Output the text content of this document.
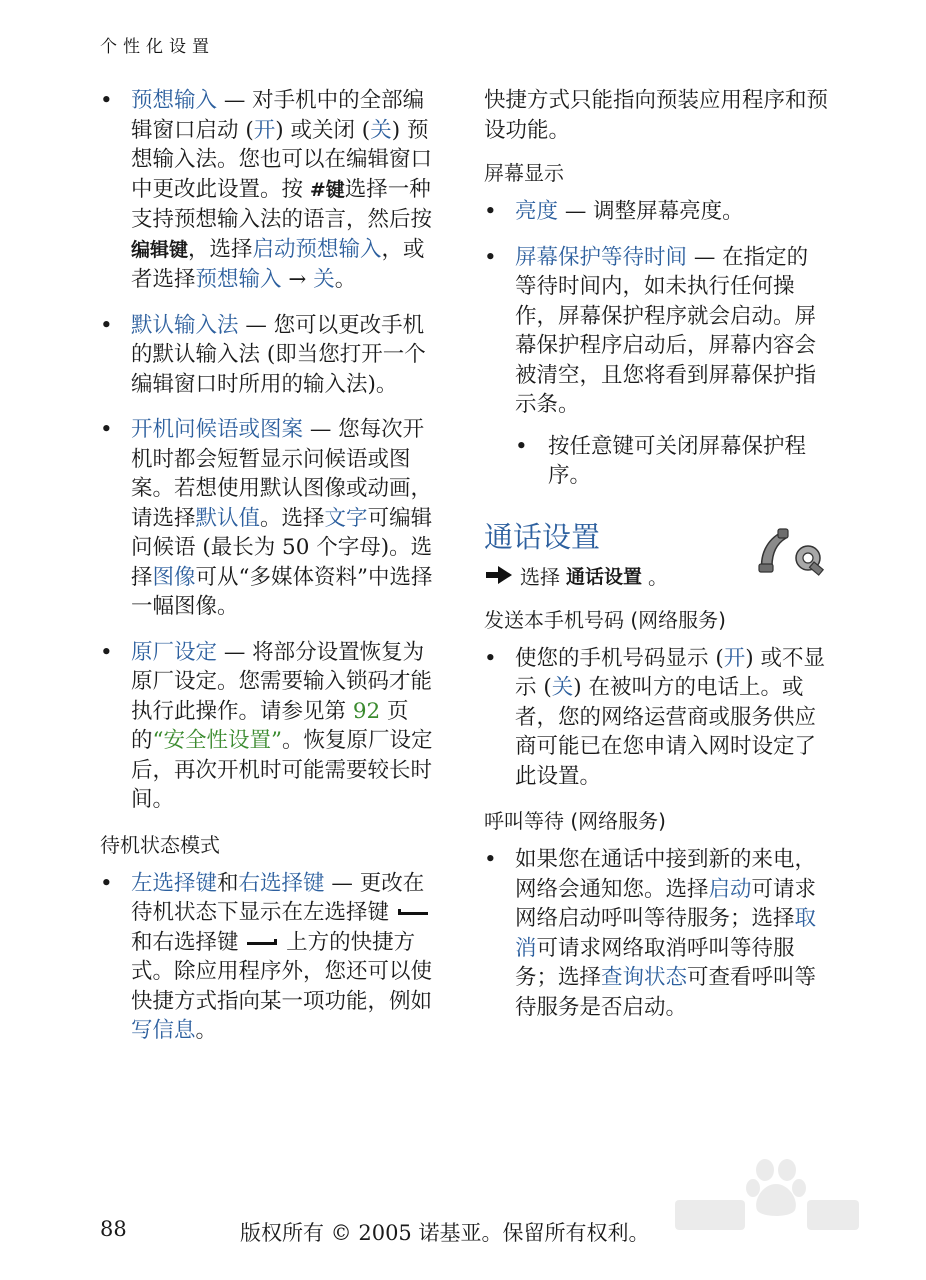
个性化设置
• 预想输入 — 对手机中的全部编辑窗口启动 (开) 或关闭 (关) 预想输入法。您也可以在编辑窗口中更改此设置。按 #键选择一种支持预想输入法的语言，然后按编辑键，选择启动预想输入，或者选择预想输入 → 关。
• 默认输入法 — 您可以更改手机的默认输入法 (即当您打开一个编辑窗口时所用的输入法)。
• 开机问候语或图案 — 您每次开机时都会短暂显示问候语或图案。若想使用默认图像或动画，请选择默认值。选择文字可编辑问候语 (最长为 50 个字母)。选择图像可从“多媒体资料”中选择一幅图像。
• 原厂设定 — 将部分设置恢复为原厂设定。您需要输入锁码才能执行此操作。请参见第 92 页的“安全性设置”。恢复原厂设定后，再次开机时可能需要较长时间。
待机状态模式
• 左选择键和右选择键 — 更改在待机状态下显示在左选择键  和右选择键  上方的快捷方式。除应用程序外，您还可以使快捷方式指向某一项功能，例如写信息。
快捷方式只能指向预装应用程序和预设功能。
屏幕显示
• 亮度 — 调整屏幕亮度。
• 屏幕保护等待时间 — 在指定的等待时间内，如未执行任何操作，屏幕保护程序就会启动。屏幕保护程序启动后，屏幕内容会被清空，且您将看到屏幕保护指示条。
• 按任意键可关闭屏幕保护程序。
通话设置
选择 通话设置 。
发送本手机号码 (网络服务)
• 使您的手机号码显示 (开) 或不显示 (关) 在被叫方的电话上。或者，您的网络运营商或服务供应商可能已在您申请入网时设定了此设置。
呼叫等待 (网络服务)
• 如果您在通话中接到新的来电，网络会通知您。选择启动可请求网络启动呼叫等待服务；选择取消可请求网络取消呼叫等待服务；选择查询状态可查看呼叫等待服务是否启动。
88	版权所有 © 2005 诺基亚。保留所有权利。
